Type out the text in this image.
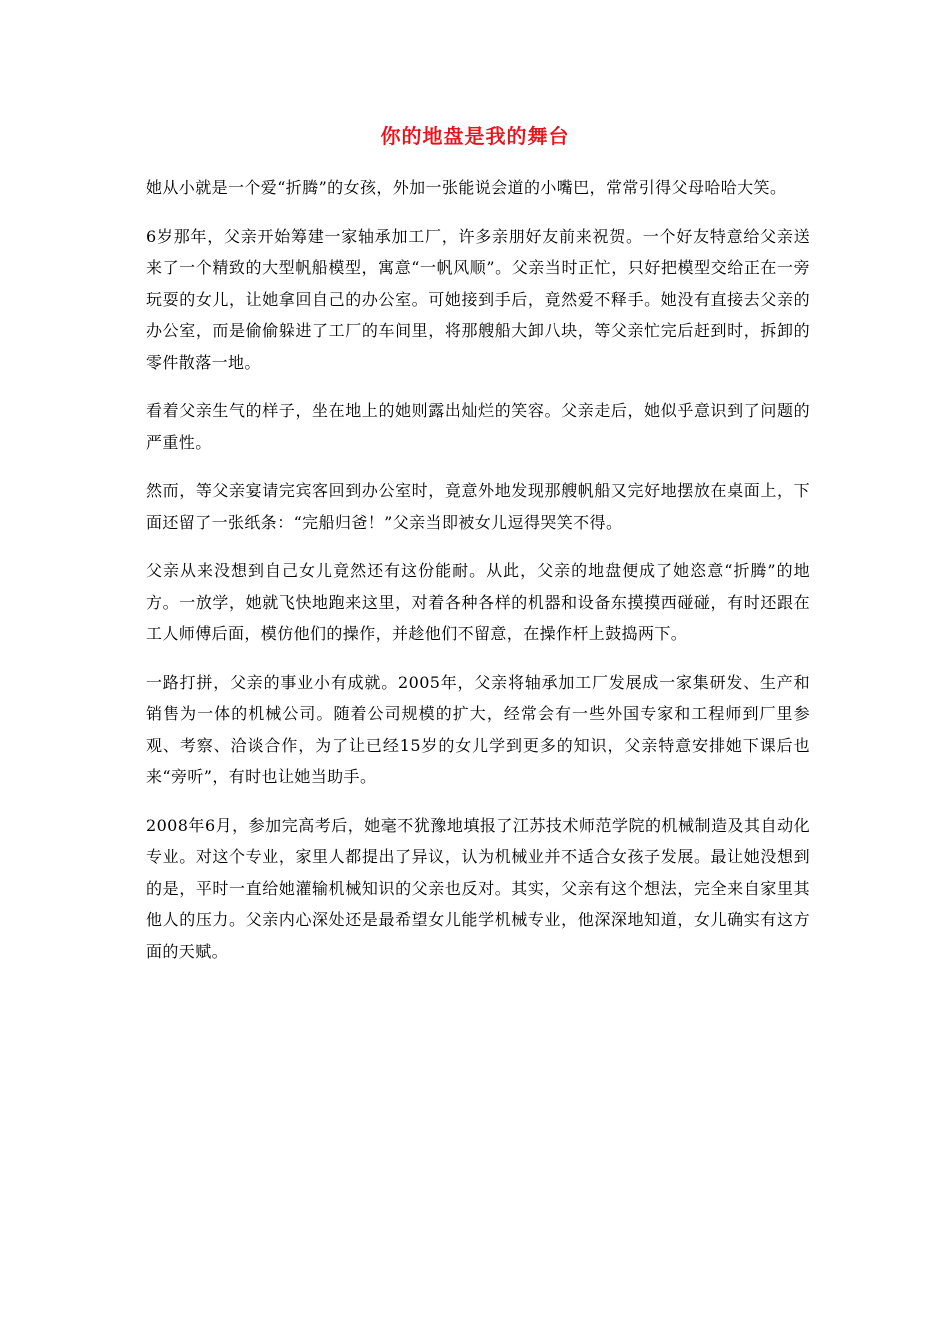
你的地盘是我的舞台

她从小就是一个爱“折腾”的女孩，外加一张能说会道的小嘴巴，常常引得父母哈哈大笑。

6岁那年，父亲开始筹建一家轴承加工厂，许多亲朋好友前来祝贺。一个好友特意给父亲送来了一个精致的大型帆船模型，寓意“一帆风顺”。父亲当时正忙，只好把模型交给正在一旁玩耍的女儿，让她拿回自己的办公室。可她接到手后，竟然爱不释手。她没有直接去父亲的办公室，而是偷偷躲进了工厂的车间里，将那艘船大卸八块，等父亲忙完后赶到时，拆卸的零件散落一地。

看着父亲生气的样子，坐在地上的她则露出灿烂的笑容。父亲走后，她似乎意识到了问题的严重性。

然而，等父亲宴请完宾客回到办公室时，竟意外地发现那艘帆船又完好地摆放在桌面上，下面还留了一张纸条：“完船归爸！”父亲当即被女儿逗得哭笑不得。

父亲从来没想到自己女儿竟然还有这份能耐。从此，父亲的地盘便成了她恣意“折腾”的地方。一放学，她就飞快地跑来这里，对着各种各样的机器和设备东摸摸西碰碰，有时还跟在工人师傅后面，模仿他们的操作，并趁他们不留意，在操作杆上鼓捣两下。

一路打拼，父亲的事业小有成就。2005年，父亲将轴承加工厂发展成一家集研发、生产和销售为一体的机械公司。随着公司规模的扩大，经常会有一些外国专家和工程师到厂里参观、考察、洽谈合作，为了让已经15岁的女儿学到更多的知识，父亲特意安排她下课后也来“旁听”，有时也让她当助手。

2008年6月，参加完高考后，她毫不犹豫地填报了江苏技术师范学院的机械制造及其自动化专业。对这个专业，家里人都提出了异议，认为机械业并不适合女孩子发展。最让她没想到的是，平时一直给她灌输机械知识的父亲也反对。其实，父亲有这个想法，完全来自家里其他人的压力。父亲内心深处还是最希望女儿能学机械专业，他深深地知道，女儿确实有这方面的天赋。
